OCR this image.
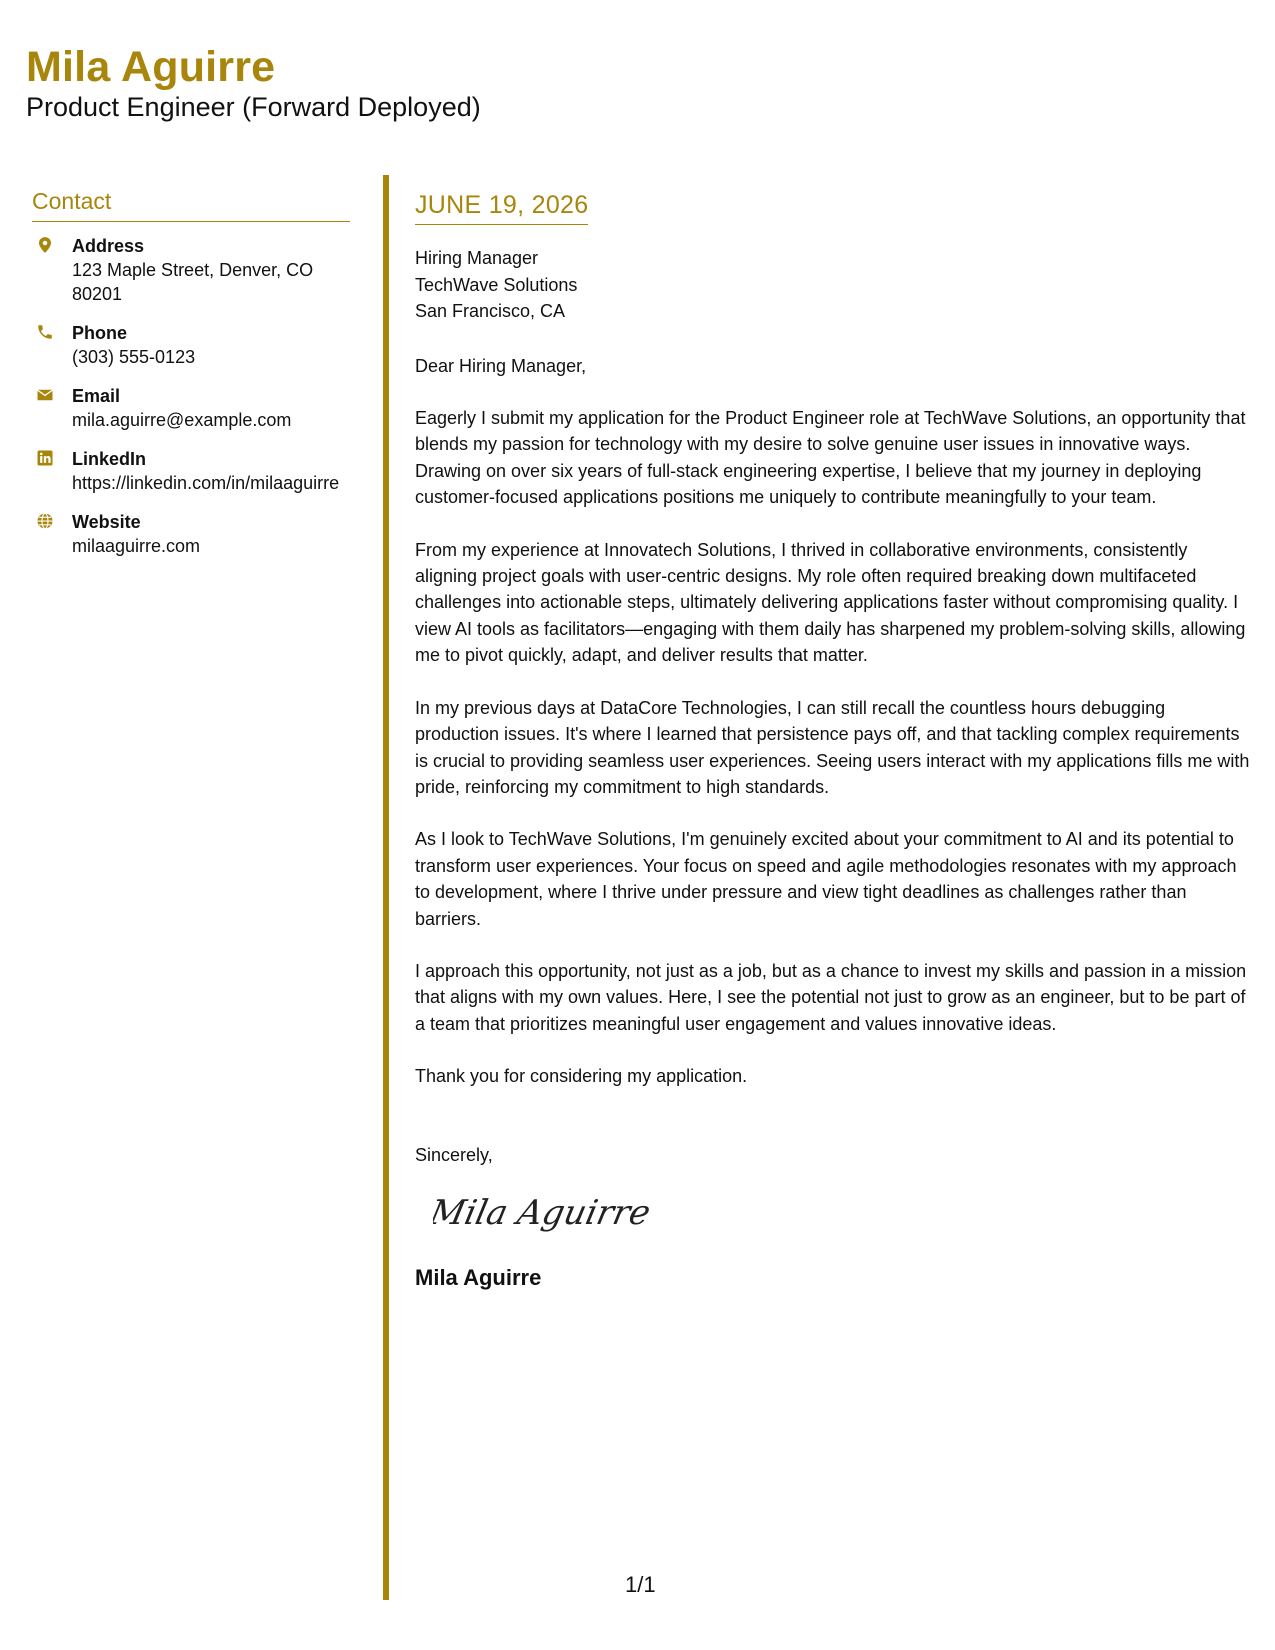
Mila Aguirre
Product Engineer (Forward Deployed)
Contact
Address
123 Maple Street, Denver, CO 80201
Phone
(303) 555-0123
Email
mila.aguirre@example.com
LinkedIn
https://linkedin.com/in/milaaguirre
Website
milaaguirre.com
JUNE 19, 2026
Hiring Manager
TechWave Solutions
San Francisco, CA
Dear Hiring Manager,

Eagerly I submit my application for the Product Engineer role at TechWave Solutions, an opportunity that blends my passion for technology with my desire to solve genuine user issues in innovative ways. Drawing on over six years of full-stack engineering expertise, I believe that my journey in deploying customer-focused applications positions me uniquely to contribute meaningfully to your team.

From my experience at Innovatech Solutions, I thrived in collaborative environments, consistently aligning project goals with user-centric designs. My role often required breaking down multifaceted challenges into actionable steps, ultimately delivering applications faster without compromising quality. I view AI tools as facilitators—engaging with them daily has sharpened my problem-solving skills, allowing me to pivot quickly, adapt, and deliver results that matter.

In my previous days at DataCore Technologies, I can still recall the countless hours debugging production issues. It's where I learned that persistence pays off, and that tackling complex requirements is crucial to providing seamless user experiences. Seeing users interact with my applications fills me with pride, reinforcing my commitment to high standards.

As I look to TechWave Solutions, I'm genuinely excited about your commitment to AI and its potential to transform user experiences. Your focus on speed and agile methodologies resonates with my approach to development, where I thrive under pressure and view tight deadlines as challenges rather than barriers.

I approach this opportunity, not just as a job, but as a chance to invest my skills and passion in a mission that aligns with my own values. Here, I see the potential not just to grow as an engineer, but to be part of a team that prioritizes meaningful user engagement and values innovative ideas.

Thank you for considering my application.

Sincerely,
Mila Aguirre
Mila Aguirre
1/1
